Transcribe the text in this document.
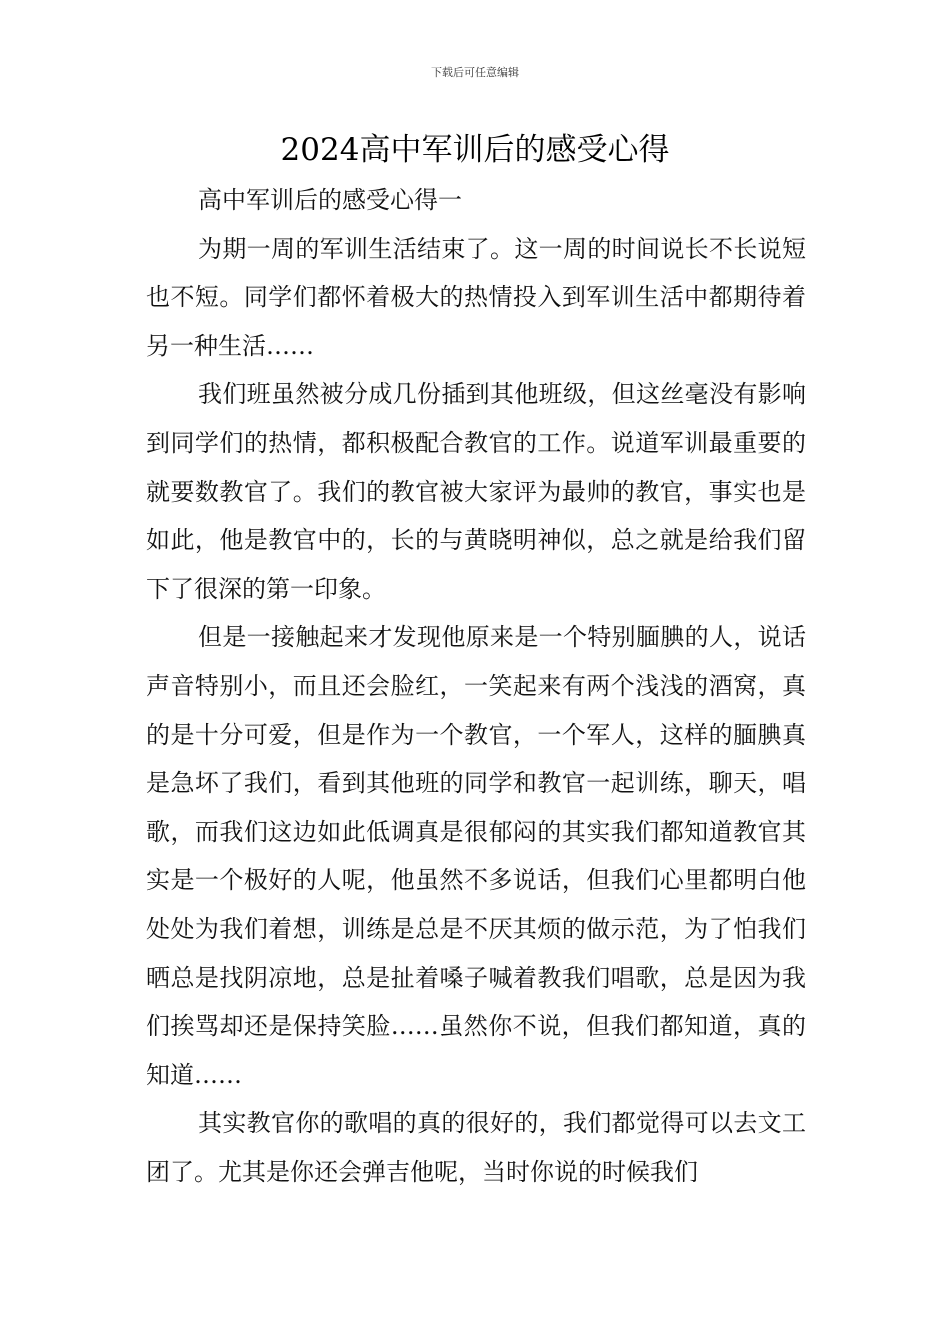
下载后可任意编辑
2024高中军训后的感受心得

高中军训后的感受心得一

为期一周的军训生活结束了。这一周的时间说长不长说短也不短。同学们都怀着极大的热情投入到军训生活中都期待着另一种生活……

我们班虽然被分成几份插到其他班级，但这丝毫没有影响到同学们的热情，都积极配合教官的工作。说道军训最重要的就要数教官了。我们的教官被大家评为最帅的教官，事实也是如此，他是教官中的，长的与黄晓明神似，总之就是给我们留下了很深的第一印象。

但是一接触起来才发现他原来是一个特别腼腆的人，说话声音特别小，而且还会脸红，一笑起来有两个浅浅的酒窝，真的是十分可爱，但是作为一个教官，一个军人，这样的腼腆真是急坏了我们，看到其他班的同学和教官一起训练，聊天，唱歌，而我们这边如此低调真是很郁闷的其实我们都知道教官其实是一个极好的人呢，他虽然不多说话，但我们心里都明白他处处为我们着想，训练是总是不厌其烦的做示范，为了怕我们晒总是找阴凉地，总是扯着嗓子喊着教我们唱歌，总是因为我们挨骂却还是保持笑脸……虽然你不说，但我们都知道，真的知道……

其实教官你的歌唱的真的很好的，我们都觉得可以去文工团了。尤其是你还会弹吉他呢，当时你说的时候我们
